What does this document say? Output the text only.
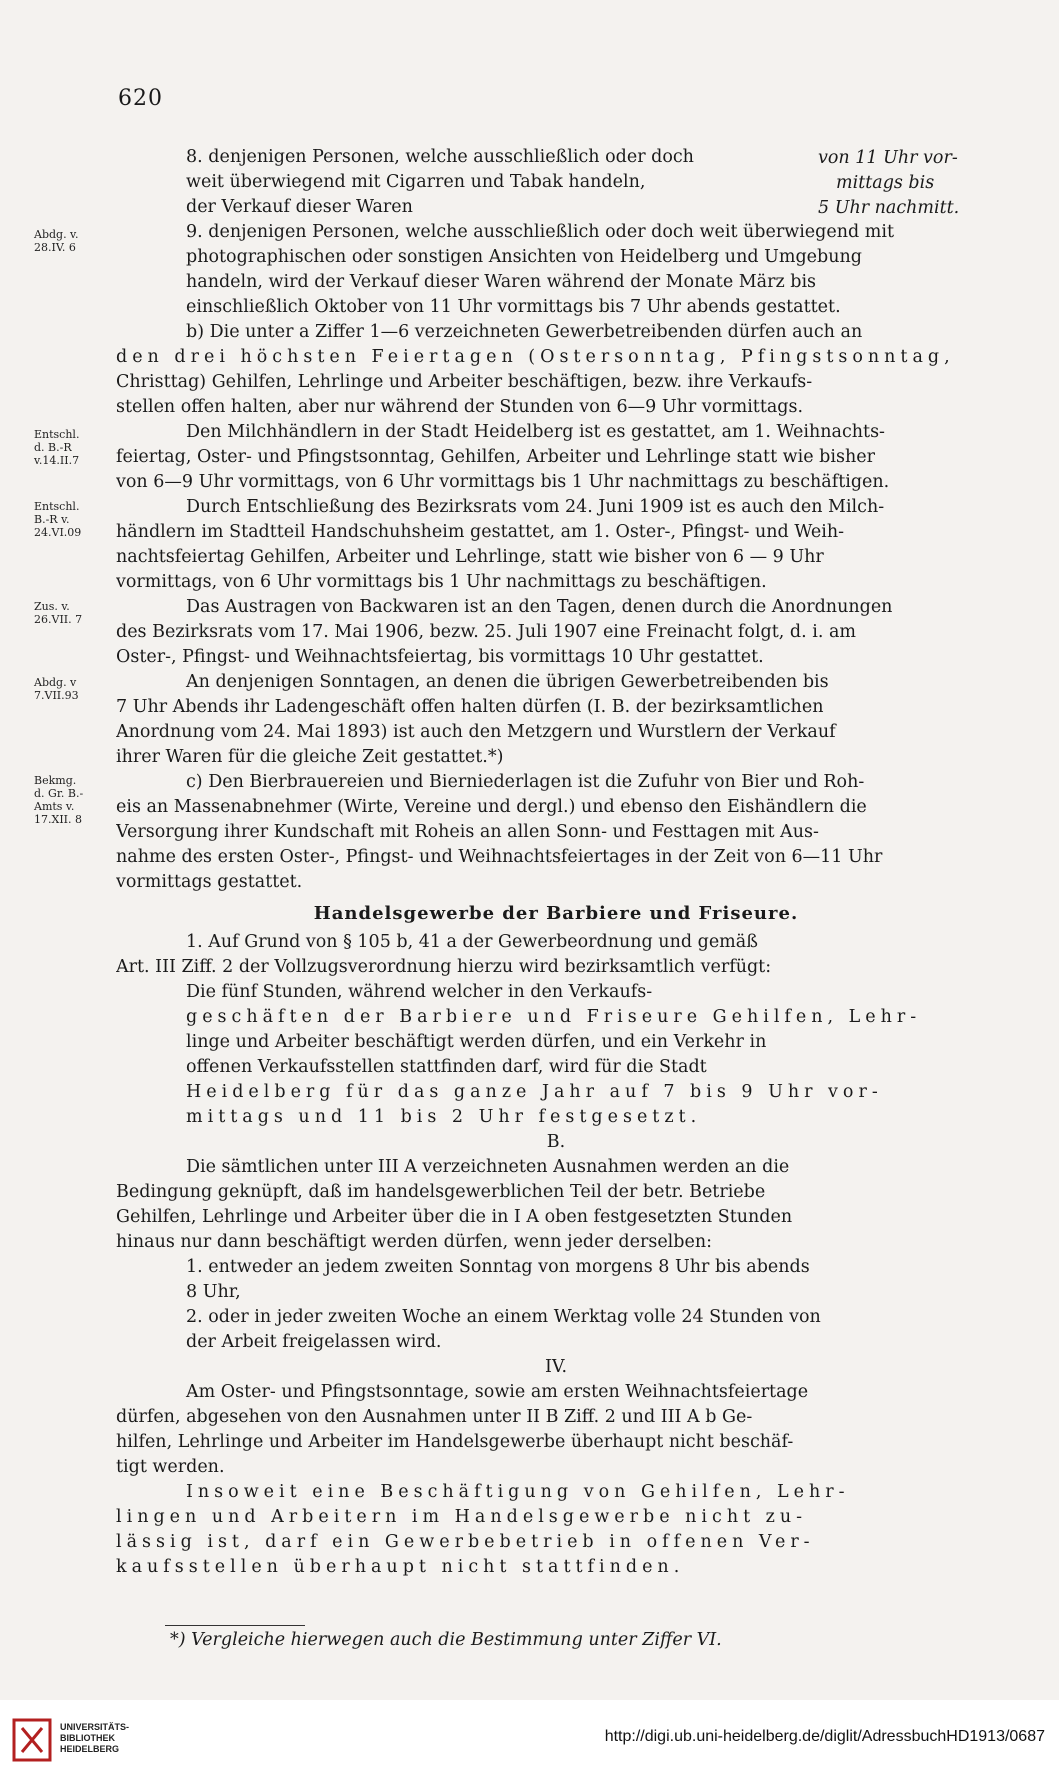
620
Abdg. v.
28.IV. 6
Entschl.
d. B.-R
v.14.II.7
Entschl.
B.-R v.
24.VI.09
Zus. v.
26.VII. 7
Abdg. v
7.VII.93
Bekmg.
d. Gr. B.-
Amts v.
17.XII. 8
von 11 Uhr vor-
mittags bis
5 Uhr nachmitt.
8. denjenigen Personen, welche ausschließlich oder doch
weit überwiegend mit Cigarren und Tabak handeln,
der Verkauf dieser Waren
9. denjenigen Personen, welche ausschließlich oder doch weit überwiegend mit
photographischen oder sonstigen Ansichten von Heidelberg und Umgebung
handeln, wird der Verkauf dieser Waren während der Monate März bis
einschließlich Oktober von 11 Uhr vormittags bis 7 Uhr abends gestattet.
b) Die unter a Ziffer 1—6 verzeichneten Gewerbetreibenden dürfen auch an
den drei höchsten Feiertagen (Ostersonntag, Pfingstsonntag,
Christtag) Gehilfen, Lehrlinge und Arbeiter beschäftigen, bezw. ihre Verkaufs-
stellen offen halten, aber nur während der Stunden von 6—9 Uhr vormittags.
Den Milchhändlern in der Stadt Heidelberg ist es gestattet, am 1. Weihnachts-
feiertag, Oster- und Pfingstsonntag, Gehilfen, Arbeiter und Lehrlinge statt wie bisher
von 6—9 Uhr vormittags, von 6 Uhr vormittags bis 1 Uhr nachmittags zu beschäftigen.
Durch Entschließung des Bezirksrats vom 24. Juni 1909 ist es auch den Milch-
händlern im Stadtteil Handschuhsheim gestattet, am 1. Oster-, Pfingst- und Weih-
nachtsfeiertag Gehilfen, Arbeiter und Lehrlinge, statt wie bisher von 6 — 9 Uhr
vormittags, von 6 Uhr vormittags bis 1 Uhr nachmittags zu beschäftigen.
Das Austragen von Backwaren ist an den Tagen, denen durch die Anordnungen
des Bezirksrats vom 17. Mai 1906, bezw. 25. Juli 1907 eine Freinacht folgt, d. i. am
Oster-, Pfingst- und Weihnachtsfeiertag, bis vormittags 10 Uhr gestattet.
An denjenigen Sonntagen, an denen die übrigen Gewerbetreibenden bis
7 Uhr Abends ihr Ladengeschäft offen halten dürfen (I. B. der bezirksamtlichen
Anordnung vom 24. Mai 1893) ist auch den Metzgern und Wurstlern der Verkauf
ihrer Waren für die gleiche Zeit gestattet.*)
c) Den Bierbrauereien und Bierniederlagen ist die Zufuhr von Bier und Roh-
eis an Massenabnehmer (Wirte, Vereine und dergl.) und ebenso den Eishändlern die
Versorgung ihrer Kundschaft mit Roheis an allen Sonn- und Festtagen mit Aus-
nahme des ersten Oster-, Pfingst- und Weihnachtsfeiertages in der Zeit von 6—11 Uhr
vormittags gestattet.
Handelsgewerbe der Barbiere und Friseure.
1. Auf Grund von § 105 b, 41 a der Gewerbeordnung und gemäß
Art. III Ziff. 2 der Vollzugsverordnung hierzu wird bezirksamtlich verfügt:
Die fünf Stunden, während welcher in den Verkaufs-
geschäften der Barbiere und Friseure Gehilfen, Lehr-
linge und Arbeiter beschäftigt werden dürfen, und ein Verkehr in
offenen Verkaufsstellen stattfinden darf, wird für die Stadt
Heidelberg für das ganze Jahr auf 7 bis 9 Uhr vor-
mittags und 11 bis 2 Uhr festgesetzt.
B.
Die sämtlichen unter III A verzeichneten Ausnahmen werden an die
Bedingung geknüpft, daß im handelsgewerblichen Teil der betr. Betriebe
Gehilfen, Lehrlinge und Arbeiter über die in I A oben festgesetzten Stunden
hinaus nur dann beschäftigt werden dürfen, wenn jeder derselben:
1. entweder an jedem zweiten Sonntag von morgens 8 Uhr bis abends
8 Uhr,
2. oder in jeder zweiten Woche an einem Werktag volle 24 Stunden von
der Arbeit freigelassen wird.
IV.
Am Oster- und Pfingstsonntage, sowie am ersten Weihnachtsfeiertage
dürfen, abgesehen von den Ausnahmen unter II B Ziff. 2 und III A b Ge-
hilfen, Lehrlinge und Arbeiter im Handelsgewerbe überhaupt nicht beschäf-
tigt werden.
Insoweit eine Beschäftigung von Gehilfen, Lehr-
lingen und Arbeitern im Handelsgewerbe nicht zu-
lässig ist, darf ein Gewerbebetrieb in offenen Ver-
kaufsstellen überhaupt nicht stattfinden.
*) Vergleiche hierwegen auch die Bestimmung unter Ziffer VI.
UNIVERSITÄTS-
BIBLIOTHEK
HEIDELBERG
http://digi.ub.uni-heidelberg.de/diglit/AdressbuchHD1913/0687
